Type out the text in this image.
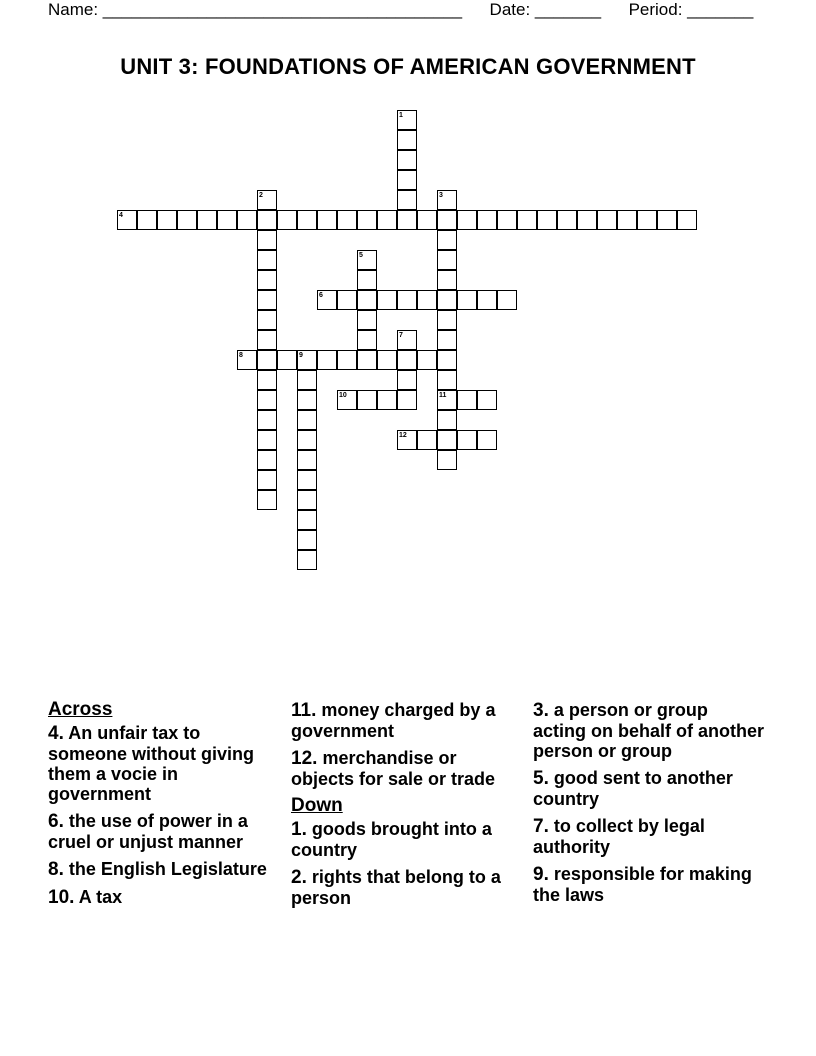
Name: ______________________________________ Date: _______ Period: _______
UNIT 3: FOUNDATIONS OF AMERICAN GOVERNMENT
1
2	3
4
5
6
7
8	9
10	11
12
Across
4. An unfair tax to someone without giving them a vocie in government
6. the use of power in a cruel or unjust manner
8. the English Legislature
10. A tax
11. money charged by a government
12. merchandise or objects for sale or trade
Down
1. goods brought into a country
2. rights that belong to a person
3. a person or group acting on behalf of another person or group
5. good sent to another country
7. to collect by legal authority
9. responsible for making the laws
